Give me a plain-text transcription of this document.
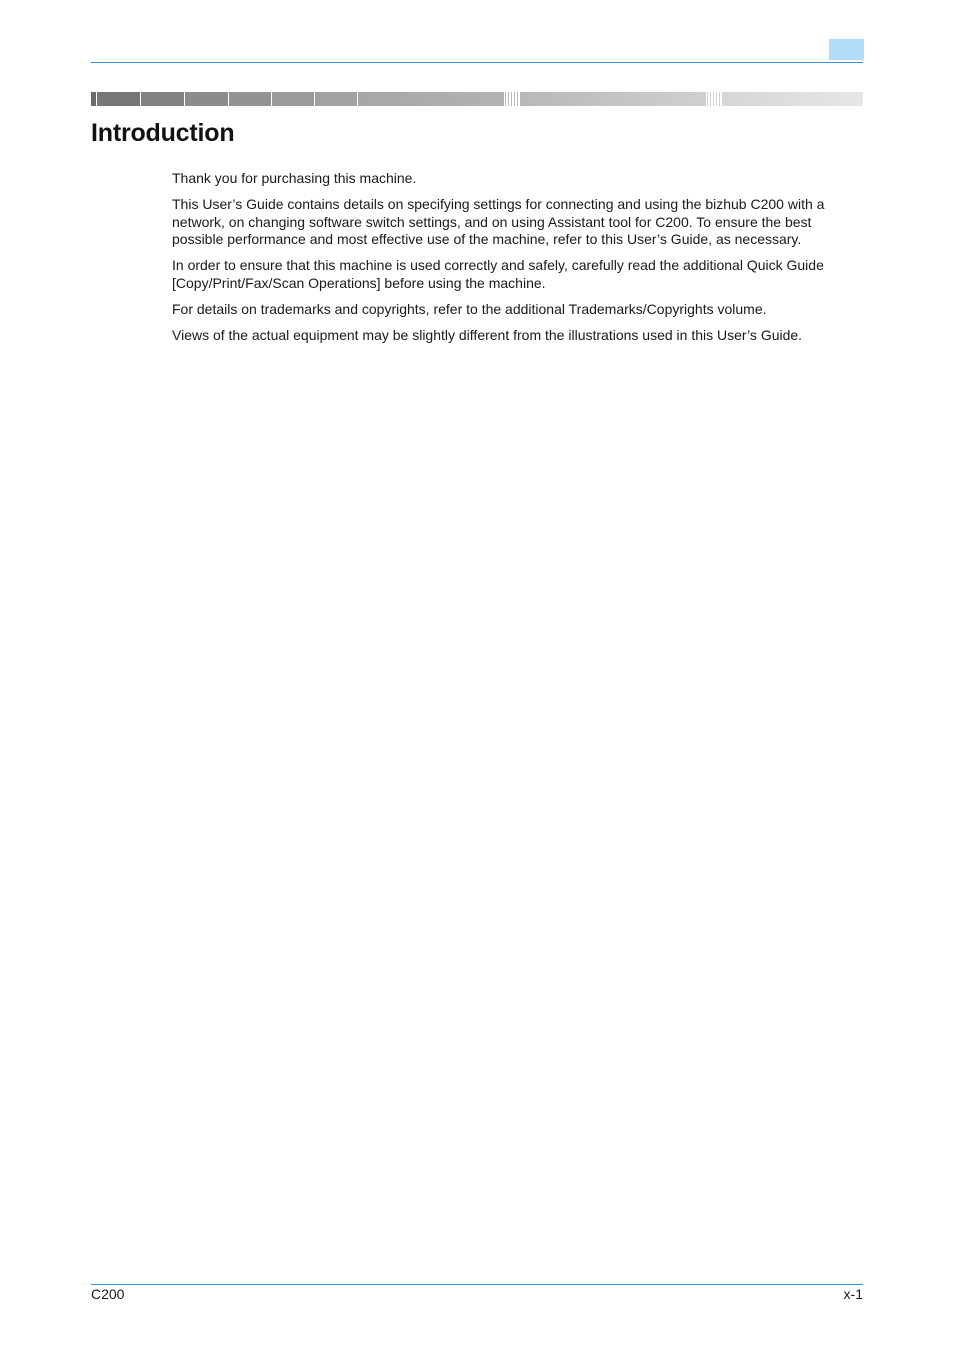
Introduction

Thank you for purchasing this machine.

This User’s Guide contains details on specifying settings for connecting and using the bizhub C200 with a network, on changing software switch settings, and on using Assistant tool for C200. To ensure the best possible performance and most effective use of the machine, refer to this User’s Guide, as necessary.

In order to ensure that this machine is used correctly and safely, carefully read the additional Quick Guide [Copy/Print/Fax/Scan Operations] before using the machine.

For details on trademarks and copyrights, refer to the additional Trademarks/Copyrights volume.

Views of the actual equipment may be slightly different from the illustrations used in this User’s Guide.

C200	x-1
